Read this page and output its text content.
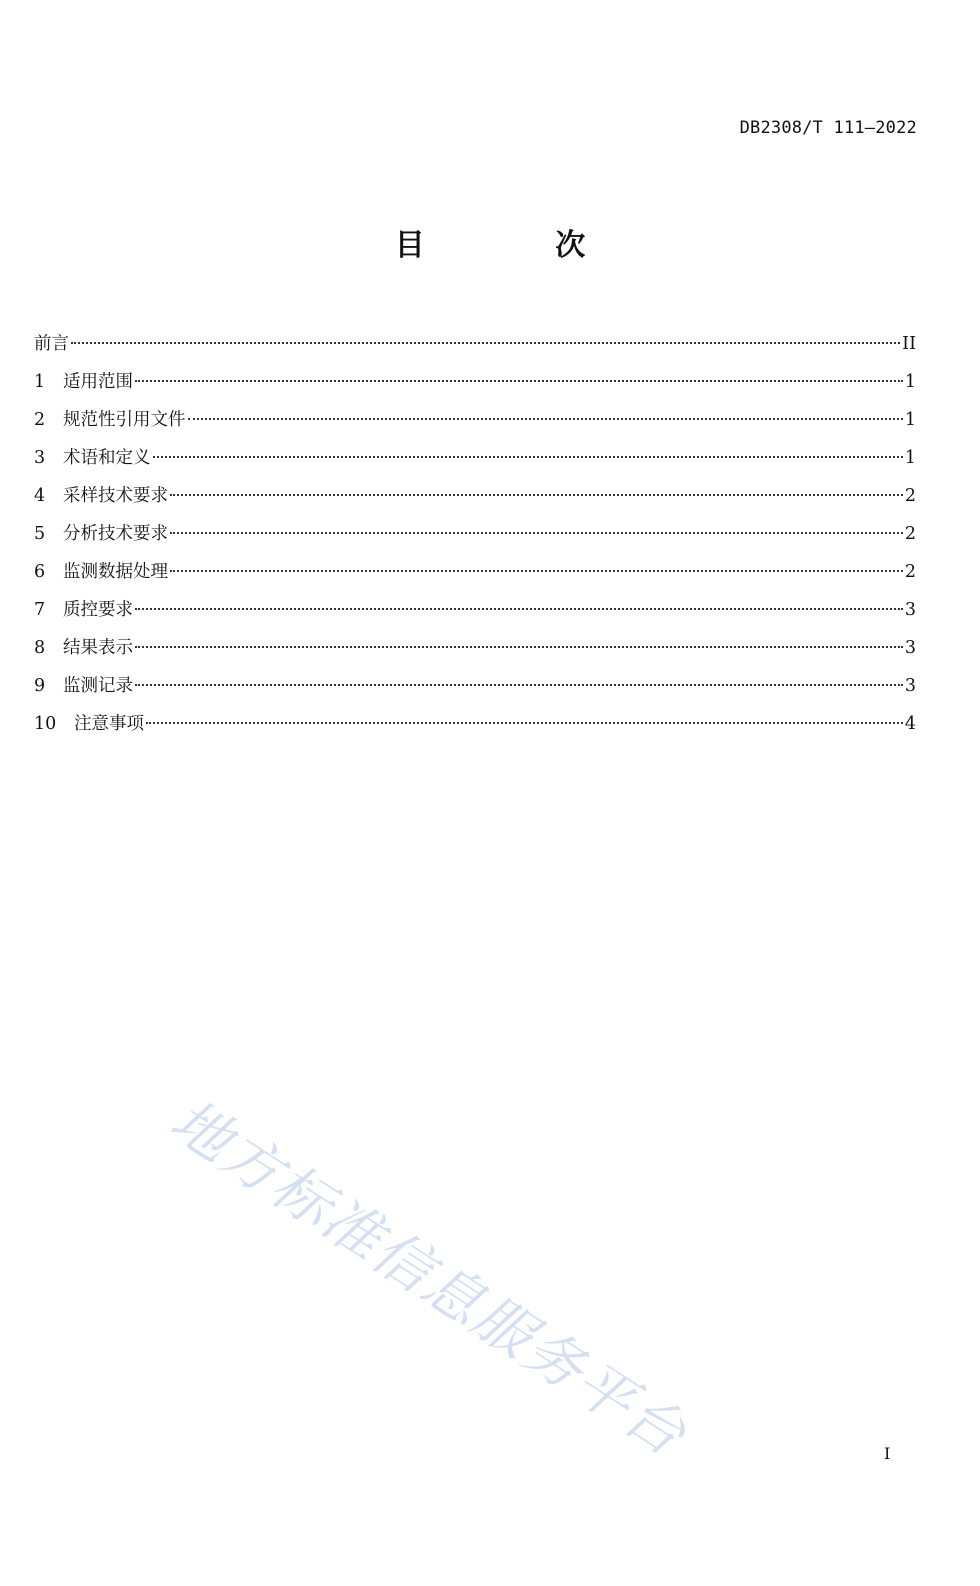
DB2308/T 111—2022
目 次
前言	II
1	适用范围	1
2	规范性引用文件	1
3	术语和定义	1
4	采样技术要求	2
5	分析技术要求	2
6	监测数据处理	2
7	质控要求	3
8	结果表示	3
9	监测记录	3
10	注意事项	4
地方标准信息服务平台	I
